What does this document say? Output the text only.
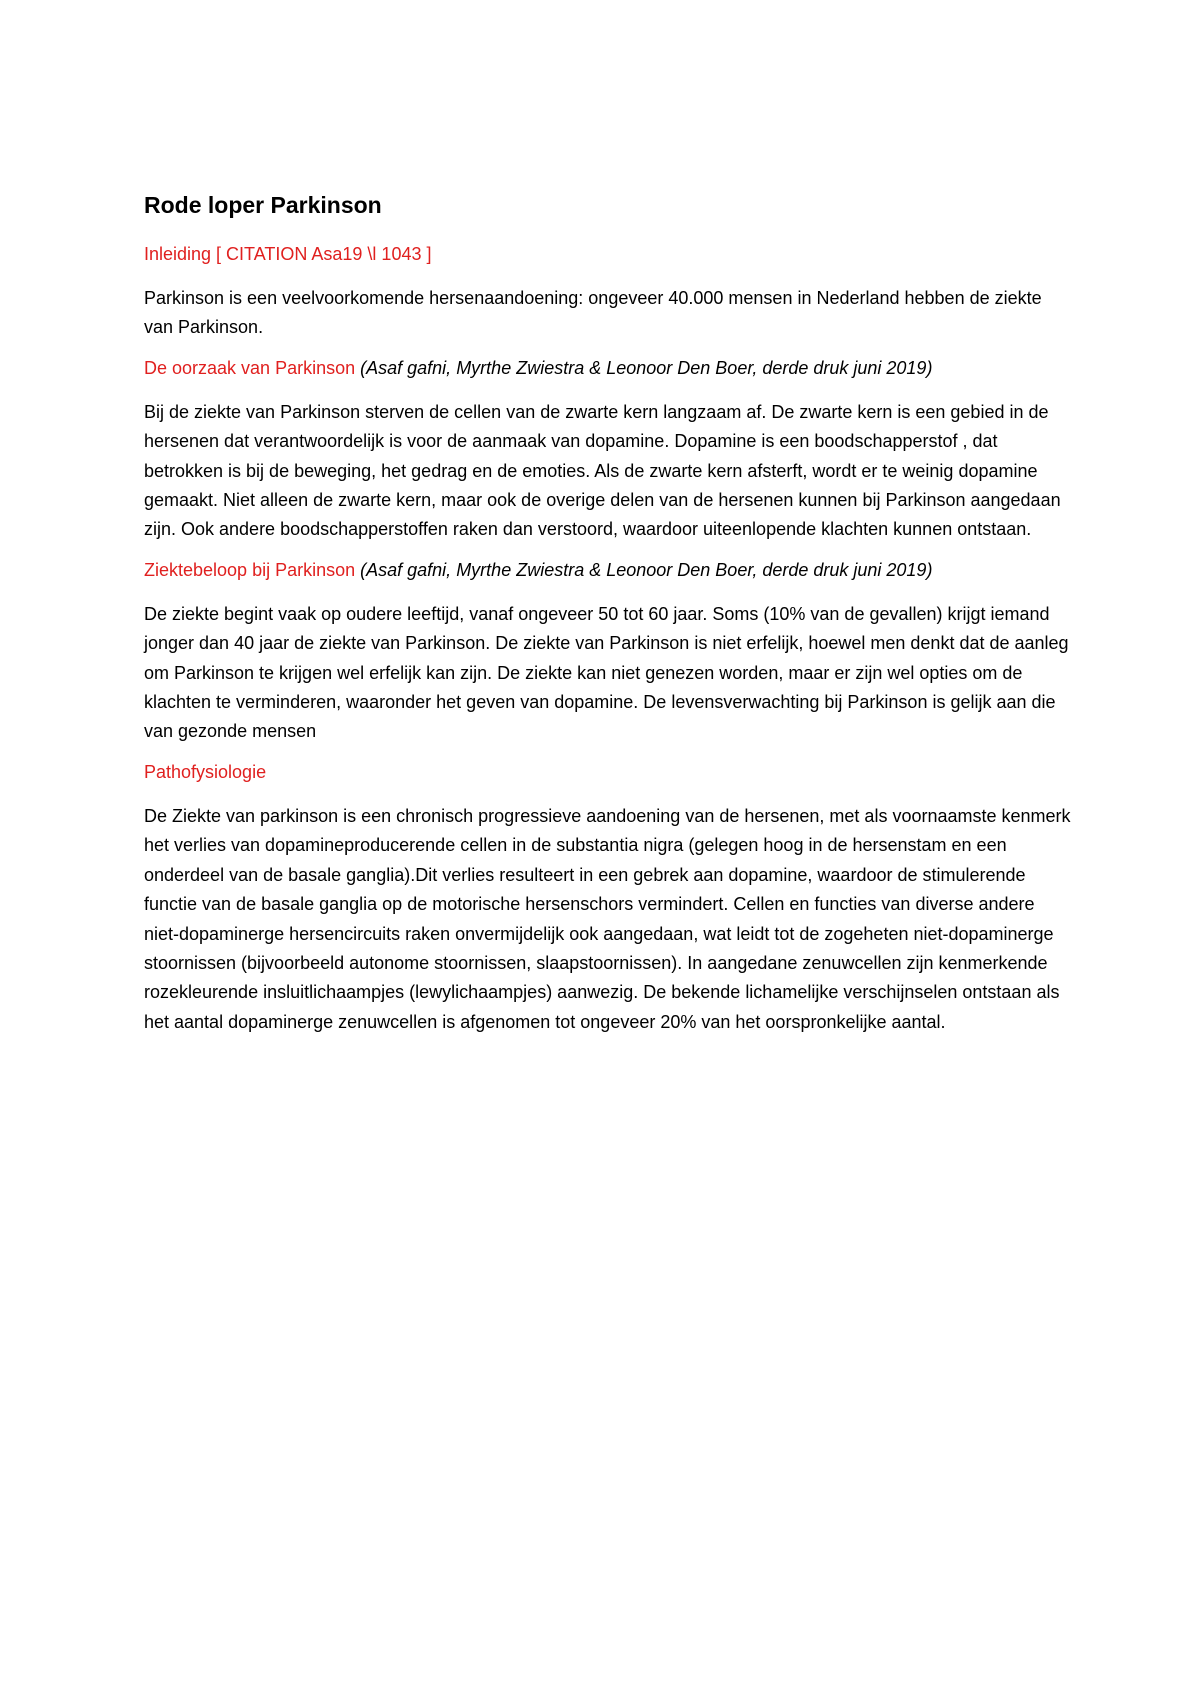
Rode loper Parkinson
Inleiding [ CITATION Asa19 \l 1043 ]

Parkinson is een veelvoorkomende hersenaandoening: ongeveer 40.000 mensen in Nederland hebben de ziekte van Parkinson.

De oorzaak van Parkinson (Asaf gafni, Myrthe Zwiestra & Leonoor Den Boer, derde druk juni 2019)

Bij de ziekte van Parkinson sterven de cellen van de zwarte kern langzaam af. De zwarte kern is een gebied in de hersenen dat verantwoordelijk is voor de aanmaak van dopamine. Dopamine is een boodschapperstof , dat betrokken is bij de beweging, het gedrag en de emoties. Als de zwarte kern afsterft, wordt er te weinig dopamine gemaakt. Niet alleen de zwarte kern, maar ook de overige delen van de hersenen kunnen bij Parkinson aangedaan zijn. Ook andere boodschapperstoffen raken dan verstoord, waardoor uiteenlopende klachten kunnen ontstaan.

Ziektebeloop bij Parkinson (Asaf gafni, Myrthe Zwiestra & Leonoor Den Boer, derde druk juni 2019)

De ziekte begint vaak op oudere leeftijd, vanaf ongeveer 50 tot 60 jaar. Soms (10% van de gevallen) krijgt iemand jonger dan 40 jaar de ziekte van Parkinson. De ziekte van Parkinson is niet erfelijk, hoewel men denkt dat de aanleg om Parkinson te krijgen wel erfelijk kan zijn. De ziekte kan niet genezen worden, maar er zijn wel opties om de klachten te verminderen, waaronder het geven van dopamine. De levensverwachting bij Parkinson is gelijk aan die van gezonde mensen

Pathofysiologie

De Ziekte van parkinson is een chronisch progressieve aandoening van de hersenen, met als voornaamste kenmerk het verlies van dopamineproducerende cellen in de substantia nigra (gelegen hoog in de hersenstam en een onderdeel van de basale ganglia).Dit verlies resulteert in een gebrek aan dopamine, waardoor de stimulerende functie van de basale ganglia op de motorische hersenschors vermindert. Cellen en functies van diverse andere niet-dopaminerge hersencircuits raken onvermijdelijk ook aangedaan, wat leidt tot de zogeheten niet-dopaminerge stoornissen (bijvoorbeeld autonome stoornissen, slaapstoornissen). In aangedane zenuwcellen zijn kenmerkende rozekleurende insluitlichaampjes (lewylichaampjes) aanwezig. De bekende lichamelijke verschijnselen ontstaan als het aantal dopaminerge zenuwcellen is afgenomen tot ongeveer 20% van het oorspronkelijke aantal.
